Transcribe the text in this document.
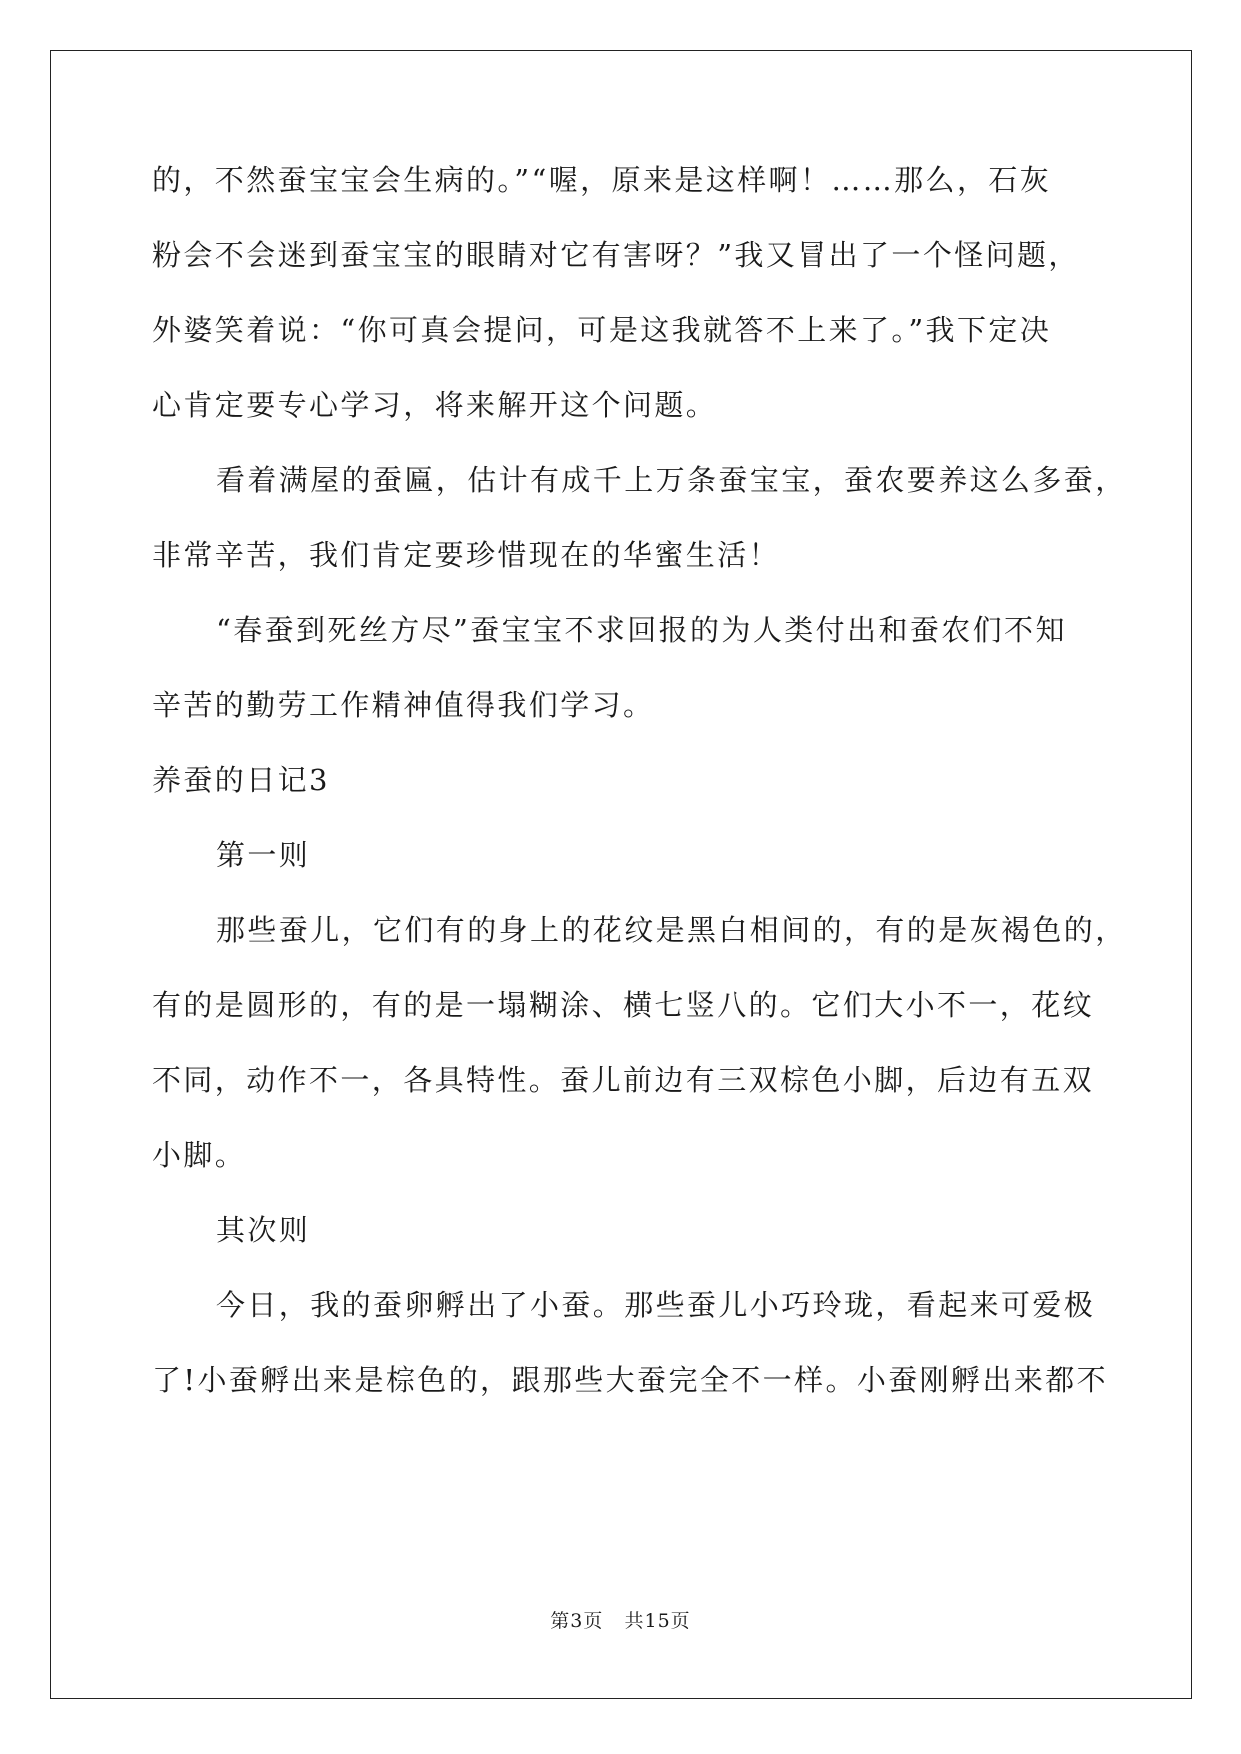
的，不然蚕宝宝会生病的。”“喔，原来是这样啊！……那么，石灰
粉会不会迷到蚕宝宝的眼睛对它有害呀？”我又冒出了一个怪问题，
外婆笑着说：“你可真会提问，可是这我就答不上来了。”我下定决
心肯定要专心学习，将来解开这个问题。
看着满屋的蚕匾，估计有成千上万条蚕宝宝，蚕农要养这么多蚕，
非常辛苦，我们肯定要珍惜现在的华蜜生活！
“春蚕到死丝方尽”蚕宝宝不求回报的为人类付出和蚕农们不知
辛苦的勤劳工作精神值得我们学习。
养蚕的日记3
第一则
那些蚕儿，它们有的身上的花纹是黑白相间的，有的是灰褐色的，
有的是圆形的，有的是一塌糊涂、横七竖八的。它们大小不一，花纹
不同，动作不一，各具特性。蚕儿前边有三双棕色小脚，后边有五双
小脚。
其次则
今日，我的蚕卵孵出了小蚕。那些蚕儿小巧玲珑，看起来可爱极
了!小蚕孵出来是棕色的，跟那些大蚕完全不一样。小蚕刚孵出来都不
第3页   共15页
